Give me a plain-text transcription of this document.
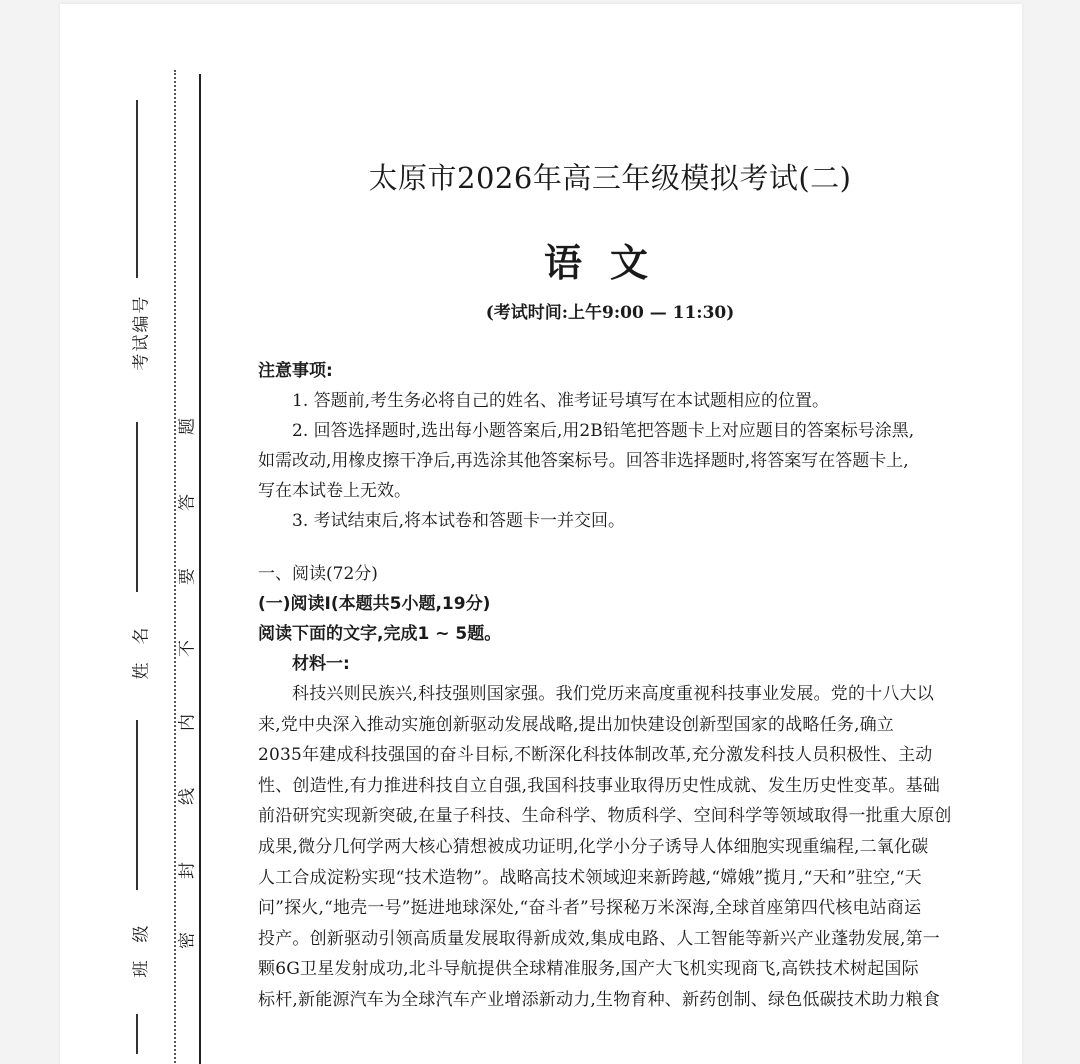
考试编号
姓名
班级 密
封
线
内
不
要
答
题
太原市2026年高三年级模拟考试(二)
语文
(考试时间:上午9:00 — 11:30)
注意事项:
1. 答题前,考生务必将自己的姓名、准考证号填写在本试题相应的位置。
2. 回答选择题时,选出每小题答案后,用2B铅笔把答题卡上对应题目的答案标号涂黑,
如需改动,用橡皮擦干净后,再选涂其他答案标号。回答非选择题时,将答案写在答题卡上,
写在本试卷上无效。
3. 考试结束后,将本试卷和答题卡一并交回。
一、阅读(72分)
(一)阅读Ⅰ(本题共5小题,19分)
阅读下面的文字,完成1 ~ 5题。
材料一:
科技兴则民族兴,科技强则国家强。我们党历来高度重视科技事业发展。党的十八大以
来,党中央深入推动实施创新驱动发展战略,提出加快建设创新型国家的战略任务,确立
2035年建成科技强国的奋斗目标,不断深化科技体制改革,充分激发科技人员积极性、主动
性、创造性,有力推进科技自立自强,我国科技事业取得历史性成就、发生历史性变革。基础
前沿研究实现新突破,在量子科技、生命科学、物质科学、空间科学等领域取得一批重大原创
成果,微分几何学两大核心猜想被成功证明,化学小分子诱导人体细胞实现重编程,二氧化碳
人工合成淀粉实现“技术造物”。战略高技术领域迎来新跨越,“嫦娥”揽月,“天和”驻空,“天
问”探火,“地壳一号”挺进地球深处,“奋斗者”号探秘万米深海,全球首座第四代核电站商运
投产。创新驱动引领高质量发展取得新成效,集成电路、人工智能等新兴产业蓬勃发展,第一
颗6G卫星发射成功,北斗导航提供全球精准服务,国产大飞机实现商飞,高铁技术树起国际
标杆,新能源汽车为全球汽车产业增添新动力,生物育种、新药创制、绿色低碳技术助力粮食
